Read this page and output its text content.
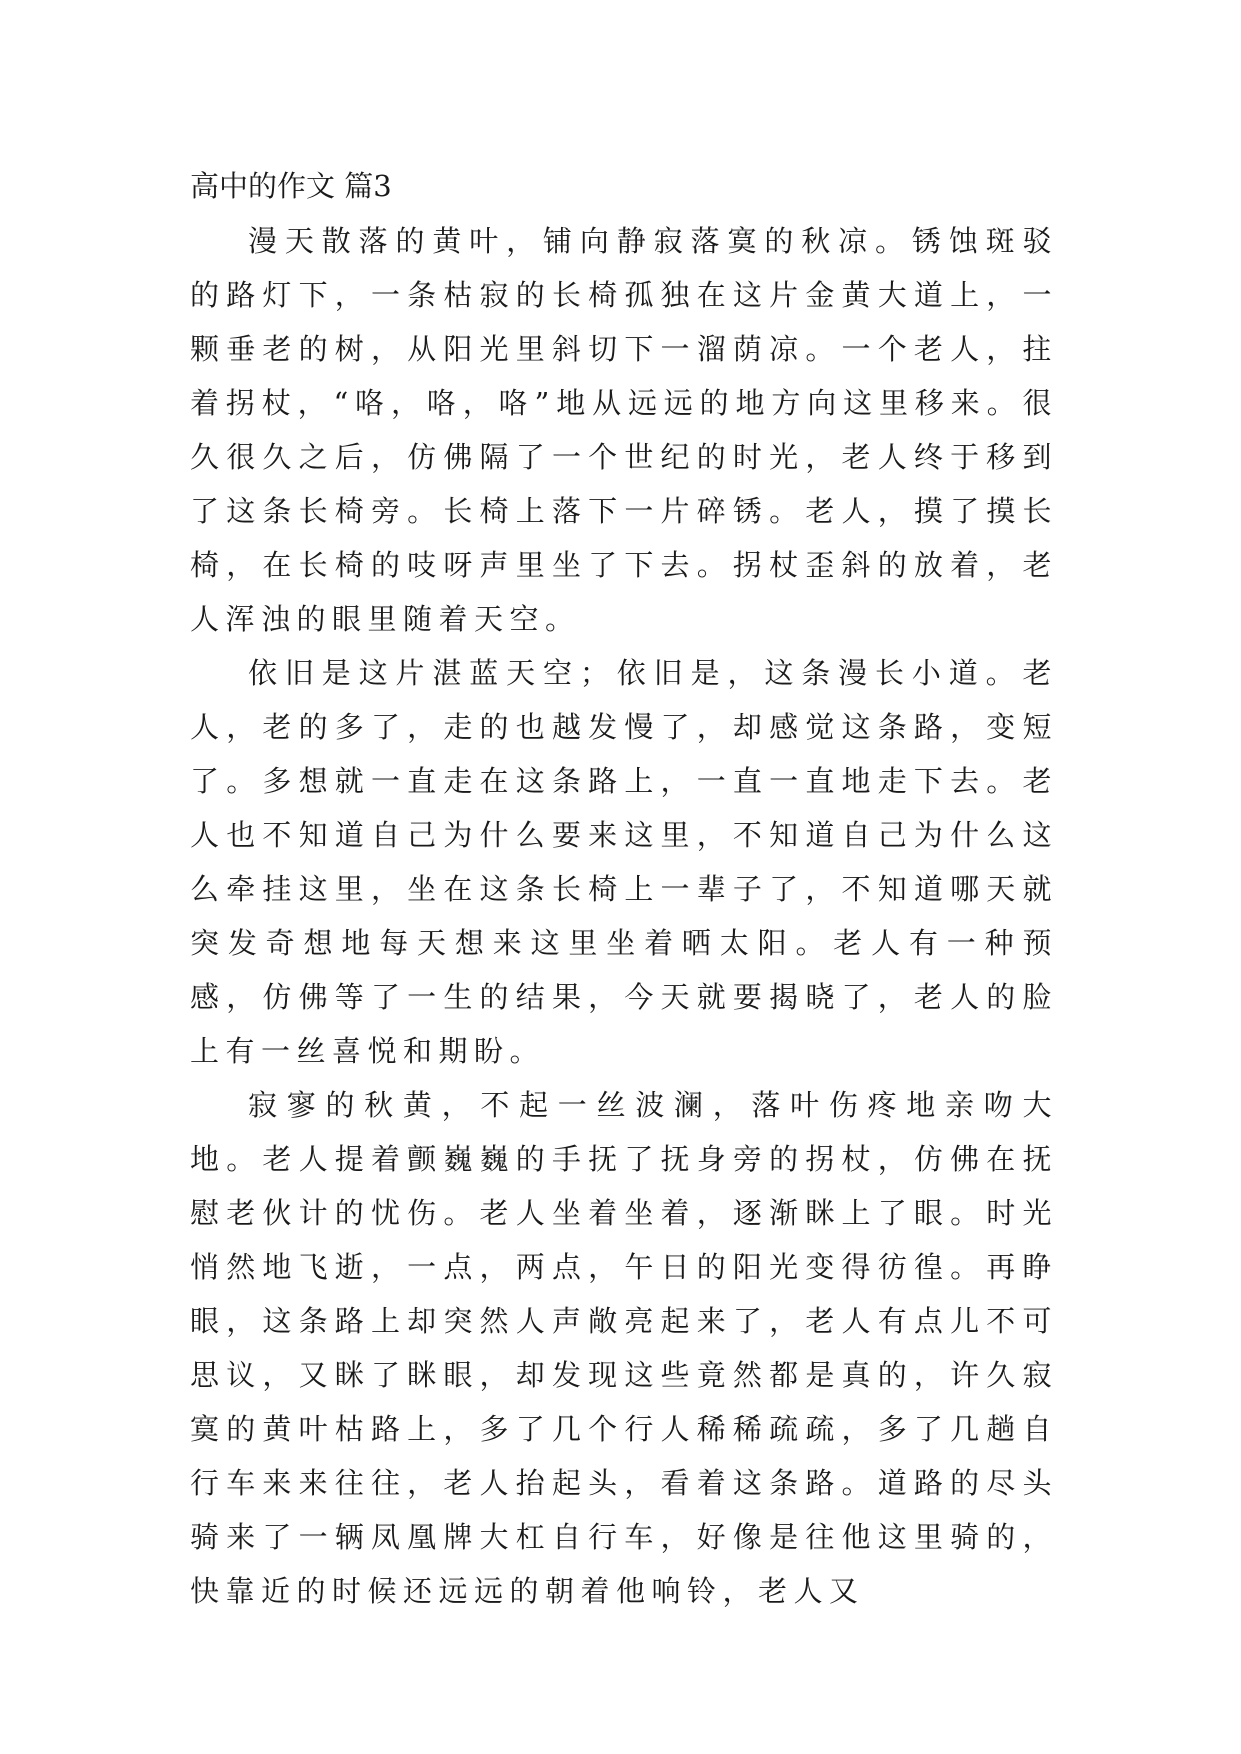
高中的作文 篇3

漫天散落的黄叶，铺向静寂落寞的秋凉。锈蚀斑驳的路灯下，一条枯寂的长椅孤独在这片金黄大道上，一颗垂老的树，从阳光里斜切下一溜荫凉。一个老人，拄着拐杖，“咯，咯，咯”地从远远的地方向这里移来。很久很久之后，仿佛隔了一个世纪的时光，老人终于移到了这条长椅旁。长椅上落下一片碎锈。老人，摸了摸长椅，在长椅的吱呀声里坐了下去。拐杖歪斜的放着，老人浑浊的眼里随着天空。

依旧是这片湛蓝天空；依旧是，这条漫长小道。老人，老的多了，走的也越发慢了，却感觉这条路，变短了。多想就一直走在这条路上，一直一直地走下去。老人也不知道自己为什么要来这里，不知道自己为什么这么牵挂这里，坐在这条长椅上一辈子了，不知道哪天就突发奇想地每天想来这里坐着晒太阳。老人有一种预感，仿佛等了一生的结果，今天就要揭晓了，老人的脸上有一丝喜悦和期盼。

寂寥的秋黄，不起一丝波澜，落叶伤疼地亲吻大地。老人提着颤巍巍的手抚了抚身旁的拐杖，仿佛在抚慰老伙计的忧伤。老人坐着坐着，逐渐眯上了眼。时光悄然地飞逝，一点，两点，午日的阳光变得彷徨。再睁眼，这条路上却突然人声敞亮起来了，老人有点儿不可思议，又眯了眯眼，却发现这些竟然都是真的，许久寂寞的黄叶枯路上，多了几个行人稀稀疏疏，多了几趟自行车来来往往，老人抬起头，看着这条路。道路的尽头骑来了一辆凤凰牌大杠自行车，好像是往他这里骑的，快靠近的时候还远远的朝着他响铃，老人又
